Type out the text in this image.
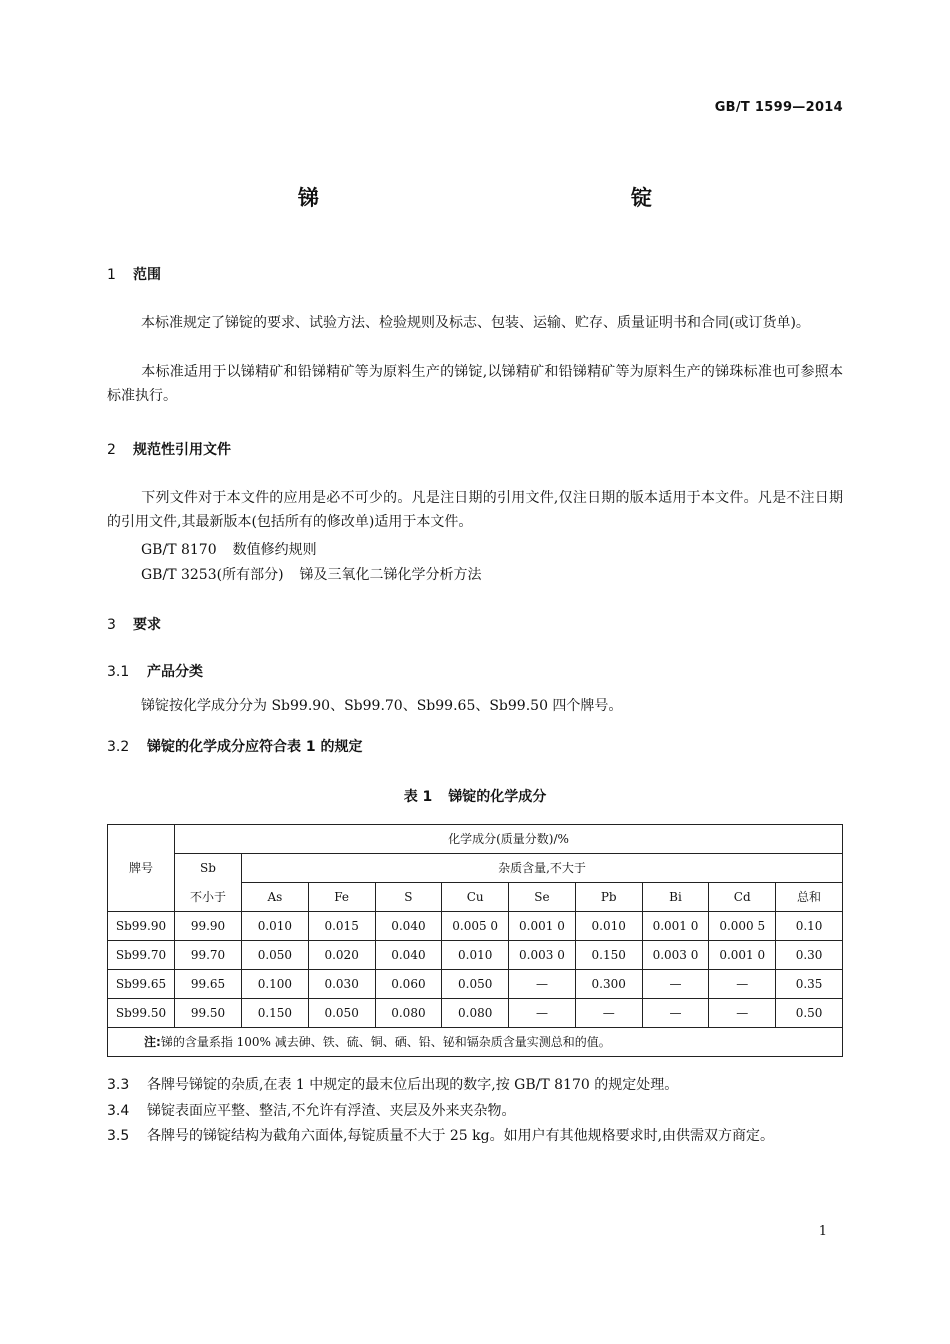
GB/T 1599—2014
锑　　锭
1 范围
本标准规定了锑锭的要求、试验方法、检验规则及标志、包装、运输、贮存、质量证明书和合同(或订货单)。
本标准适用于以锑精矿和铅锑精矿等为原料生产的锑锭,以锑精矿和铅锑精矿等为原料生产的锑珠标准也可参照本标准执行。
2 规范性引用文件
下列文件对于本文件的应用是必不可少的。凡是注日期的引用文件,仅注日期的版本适用于本文件。凡是不注日期的引用文件,其最新版本(包括所有的修改单)适用于本文件。
GB/T 8170 数值修约规则
GB/T 3253(所有部分) 锑及三氧化二锑化学分析方法
3 要求
3.1 产品分类
锑锭按化学成分分为 Sb99.90、Sb99.70、Sb99.65、Sb99.50 四个牌号。
3.2 锑锭的化学成分应符合表 1 的规定
表 1 锑锭的化学成分
牌号	化学成分(质量分数)/%									
	Sb	杂质含量,不大于								
	不小于	As	Fe	S	Cu	Se	Pb	Bi	Cd	总和
Sb99.90	99.90	0.010	0.015	0.040	0.005 0	0.001 0	0.010	0.001 0	0.000 5	0.10
Sb99.70	99.70	0.050	0.020	0.040	0.010	0.003 0	0.150	0.003 0	0.001 0	0.30
Sb99.65	99.65	0.100	0.030	0.060	0.050	—	0.300	—	—	0.35
Sb99.50	99.50	0.150	0.050	0.080	0.080	—	—	—	—	0.50
注:锑的含量系指 100% 减去砷、铁、硫、铜、硒、铅、铋和镉杂质含量实测总和的值。										
3.3 各牌号锑锭的杂质,在表 1 中规定的最末位后出现的数字,按 GB/T 8170 的规定处理。
3.4 锑锭表面应平整、整洁,不允许有浮渣、夹层及外来夹杂物。
3.5 各牌号的锑锭结构为截角六面体,每锭质量不大于 25 kg。如用户有其他规格要求时,由供需双方商定。
1
